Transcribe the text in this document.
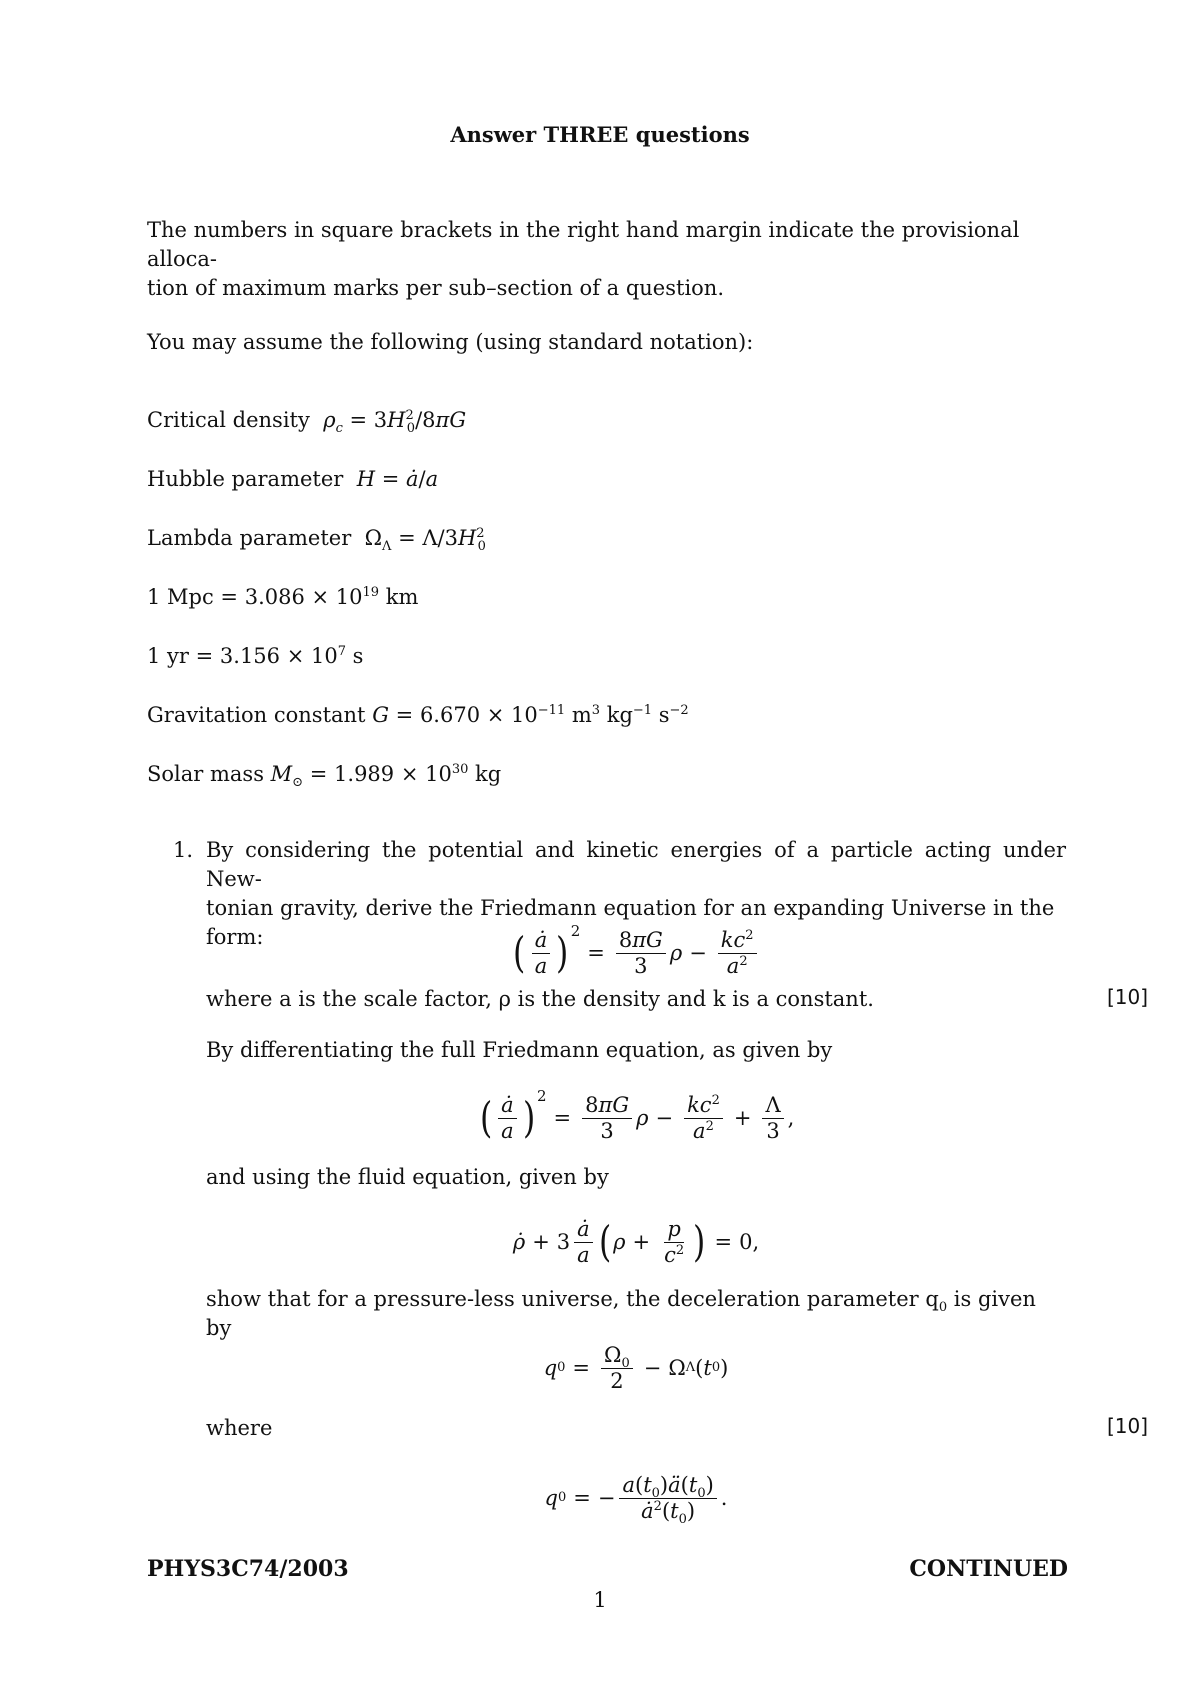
Answer THREE questions
The numbers in square brackets in the right hand margin indicate the provisional alloca-
tion of maximum marks per sub–section of a question.
You may assume the following (using standard notation):
Critical density $\rho_c = 3H^2_0/8\pi G$
Hubble parameter H = ȧ/a
Lambda parameter  $\Omega_\Lambda = \Lambda/3H^2_0$
1 Mpc = $3.086 \times 10^{19}$ km
1 yr = $3.156 \times 10^7$ s
Gravitation constant $G = 6.670 \times 10^{-11}$ $m^3$ $kg^{-1}$ $s^{-2}$
Solar mass $M_⊙ = 1.989 \times 10^{30}$ kg
1. By considering the potential and kinetic energies of a particle acting under New-
tonian gravity, derive the Friedmann equation for an expanding Universe in the
form:	( $\frac{ȧ}{a} )^2$
= $\frac{8\pi G}{3}$ $\rho - \frac{kc^2}{a^2}$
where a is the scale factor, ρ is the density and k is a constant.	[10]
By differentiating the full Friedmann equation, as given by
( $\frac{ȧ}{a} )^2$
= $\frac{8\pi G}{3}$ $\rho - \frac{kc^2}{a^2} + \frac{\Lambda}{3}$ ,
and using the fluid equation, given by
ρ̇ + $3 \frac{ȧ}{a}$ ( $\rho + \frac{p}{c^2}$ ) = 0,
show that for a pressure-less universe, the deceleration parameter $q_0$ is given by
q $0 = \frac{\Omega_0}{2} - \Omega$ Λ ( t 0 )
where	[10]
q 0 = − $\frac{a(t_0)ä(t_0)}{ȧ^2(t_0)}$ .
PHYS3C74/2003	CONTINUED
1
